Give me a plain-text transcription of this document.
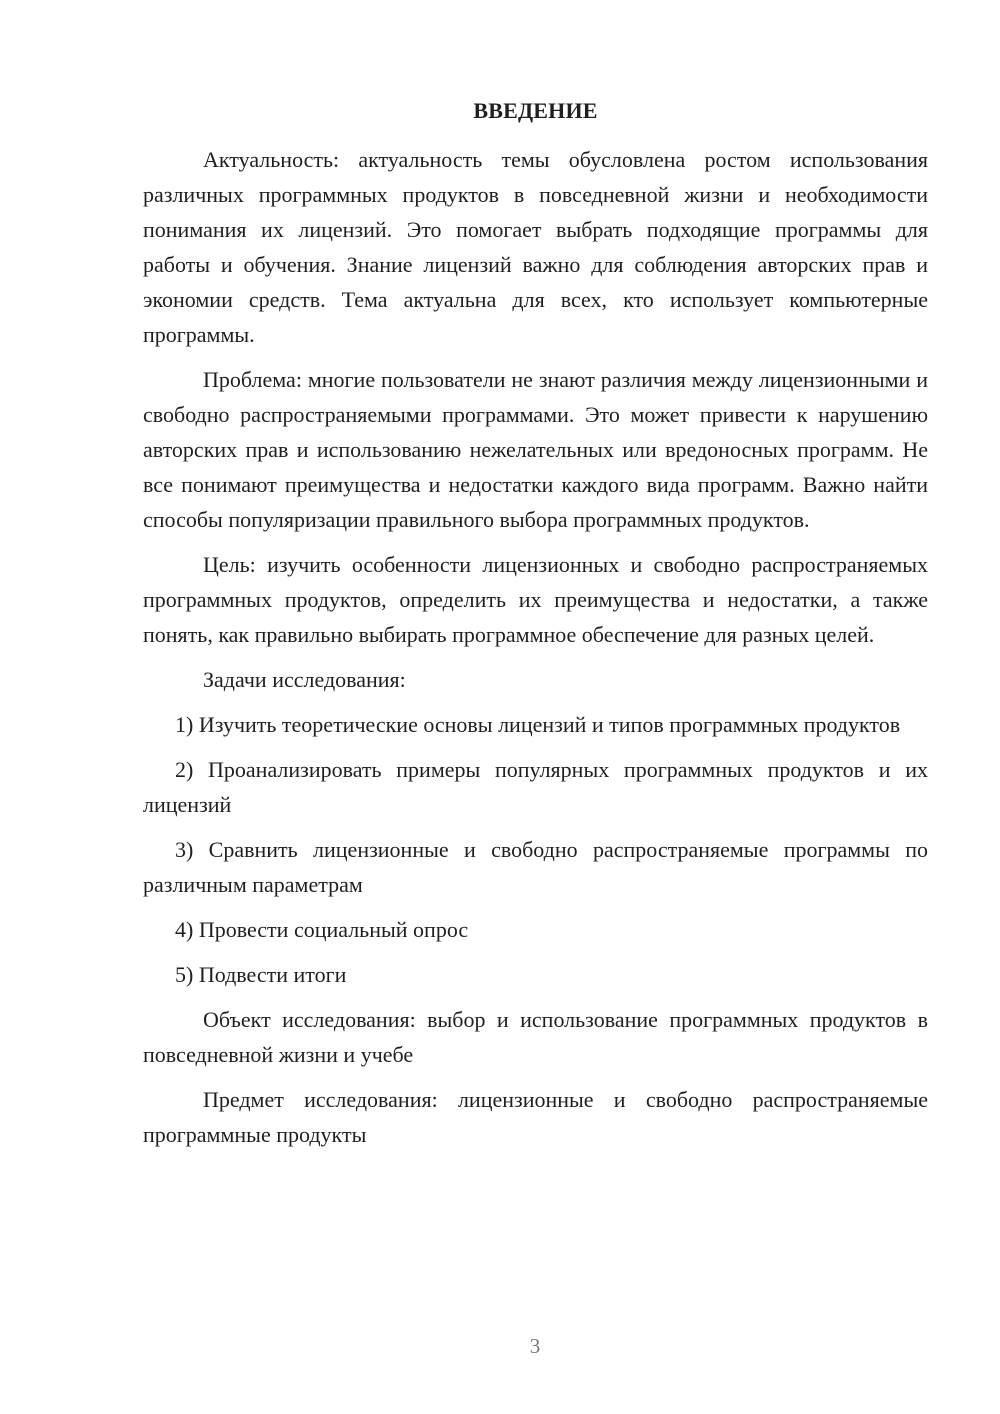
ВВЕДЕНИЕ

Актуальность: актуальность темы обусловлена ростом использования различных программных продуктов в повседневной жизни и необходимости понимания их лицензий. Это помогает выбрать подходящие программы для работы и обучения. Знание лицензий важно для соблюдения авторских прав и экономии средств. Тема актуальна для всех, кто использует компьютерные программы.

Проблема: многие пользователи не знают различия между лицензионными и свободно распространяемыми программами. Это может привести к нарушению авторских прав и использованию нежелательных или вредоносных программ. Не все понимают преимущества и недостатки каждого вида программ. Важно найти способы популяризации правильного выбора программных продуктов.

Цель: изучить особенности лицензионных и свободно распространяемых программных продуктов, определить их преимущества и недостатки, а также понять, как правильно выбирать программное обеспечение для разных целей.

Задачи исследования:

1) Изучить теоретические основы лицензий и типов программных продуктов

2) Проанализировать примеры популярных программных продуктов и их лицензий

3) Сравнить лицензионные и свободно распространяемые программы по различным параметрам

4) Провести социальный опрос

5) Подвести итоги

Объект исследования: выбор и использование программных продуктов в повседневной жизни и учебе

Предмет исследования: лицензионные и свободно распространяемые программные продукты

3
